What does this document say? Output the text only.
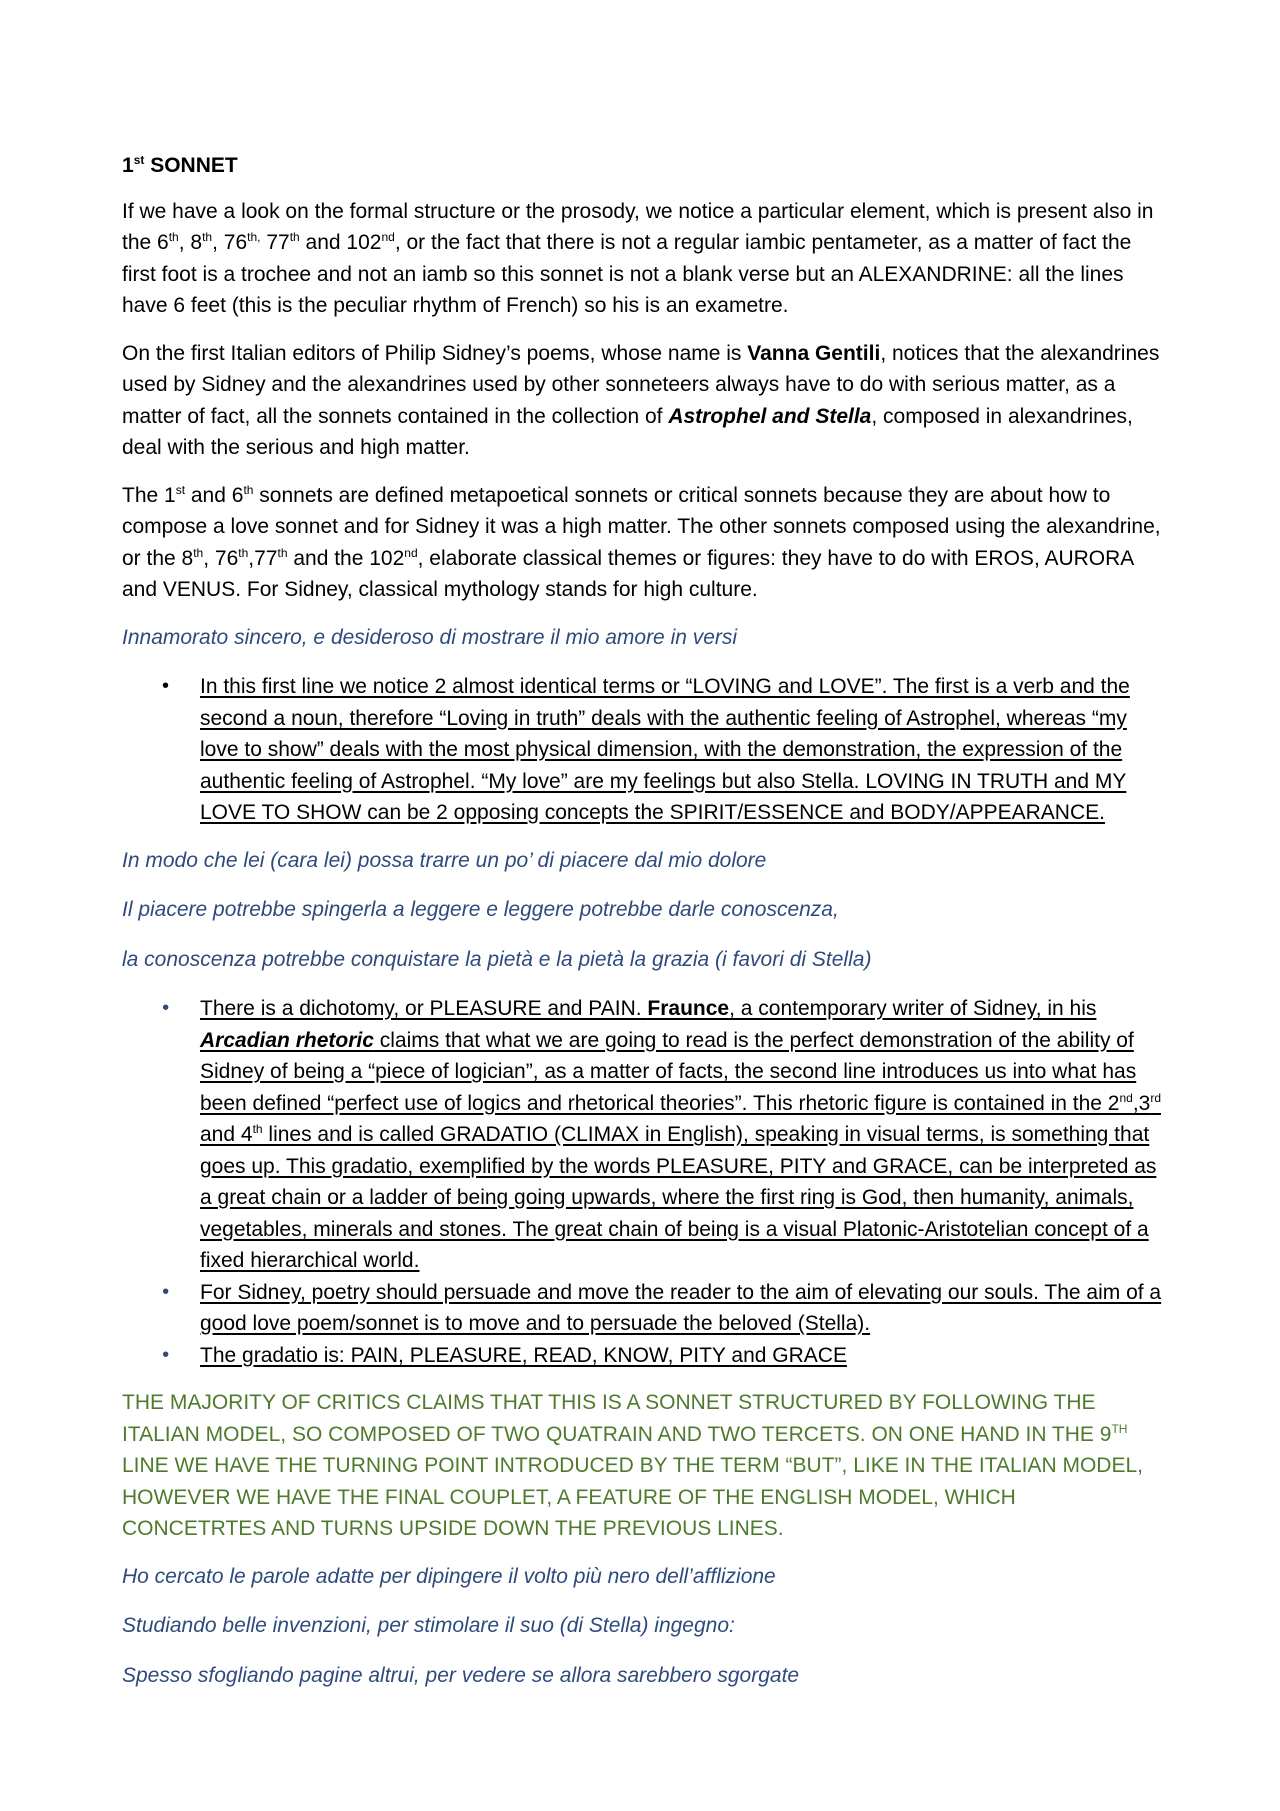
1st SONNET

If we have a look on the formal structure or the prosody, we notice a particular element, which is present also in the 6th, 8th, $76^{th,}$ 77th and 102nd, or the fact that there is not a regular iambic pentameter, as a matter of fact the first foot is a trochee and not an iamb so this sonnet is not a blank verse but an ALEXANDRINE: all the lines have 6 feet (this is the peculiar rhythm of French) so his is an exametre.

On the first Italian editors of Philip Sidney’s poems, whose name is Vanna Gentili, notices that the alexandrines used by Sidney and the alexandrines used by other sonneteers always have to do with serious matter, as a matter of fact, all the sonnets contained in the collection of Astrophel and Stella, composed in alexandrines, deal with the serious and high matter.

The 1st and 6th sonnets are defined metapoetical sonnets or critical sonnets because they are about how to compose a love sonnet and for Sidney it was a high matter. The other sonnets composed using the alexandrine, or the 8th, 76th,77th and the 102nd, elaborate classical themes or figures: they have to do with EROS, AURORA and VENUS. For Sidney, classical mythology stands for high culture.

Innamorato sincero, e desideroso di mostrare il mio amore in versi

• In this first line we notice 2 almost identical terms or “LOVING and LOVE”. The first is a verb and the second a noun, therefore “Loving in truth” deals with the authentic feeling of Astrophel, whereas “my love to show” deals with the most physical dimension, with the demonstration, the expression of the authentic feeling of Astrophel. “My love” are my feelings but also Stella. LOVING IN TRUTH and MY LOVE TO SHOW can be 2 opposing concepts the SPIRIT/ESSENCE and BODY/APPEARANCE.

In modo che lei (cara lei) possa trarre un po’ di piacere dal mio dolore

Il piacere potrebbe spingerla a leggere e leggere potrebbe darle conoscenza,

la conoscenza potrebbe conquistare la pietà e la pietà la grazia (i favori di Stella)

• There is a dichotomy, or PLEASURE and PAIN. Fraunce, a contemporary writer of Sidney, in his Arcadian rhetoric claims that what we are going to read is the perfect demonstration of the ability of Sidney of being a “piece of logician”, as a matter of facts, the second line introduces us into what has been defined “perfect use of logics and rhetorical theories”. This rhetoric figure is contained in the 2nd,3rd and 4th lines and is called GRADATIO (CLIMAX in English), speaking in visual terms, is something that goes up. This gradatio, exemplified by the words PLEASURE, PITY and GRACE, can be interpreted as a great chain or a ladder of being going upwards, where the first ring is God, then humanity, animals, vegetables, minerals and stones. The great chain of being is a visual Platonic-Aristotelian concept of a fixed hierarchical world.
• For Sidney, poetry should persuade and move the reader to the aim of elevating our souls. The aim of a good love poem/sonnet is to move and to persuade the beloved (Stella).
• The gradatio is: PAIN, PLEASURE, READ, KNOW, PITY and GRACE

THE MAJORITY OF CRITICS CLAIMS THAT THIS IS A SONNET STRUCTURED BY FOLLOWING THE ITALIAN MODEL, SO COMPOSED OF TWO QUATRAIN AND TWO TERCETS. ON ONE HAND IN THE 9TH LINE WE HAVE THE TURNING POINT INTRODUCED BY THE TERM “BUT”, LIKE IN THE ITALIAN MODEL, HOWEVER WE HAVE THE FINAL COUPLET, A FEATURE OF THE ENGLISH MODEL, WHICH CONCETRTES AND TURNS UPSIDE DOWN THE PREVIOUS LINES.

Ho cercato le parole adatte per dipingere il volto più nero dell’afflizione

Studiando belle invenzioni, per stimolare il suo (di Stella) ingegno:

Spesso sfogliando pagine altrui, per vedere se allora sarebbero sgorgate
